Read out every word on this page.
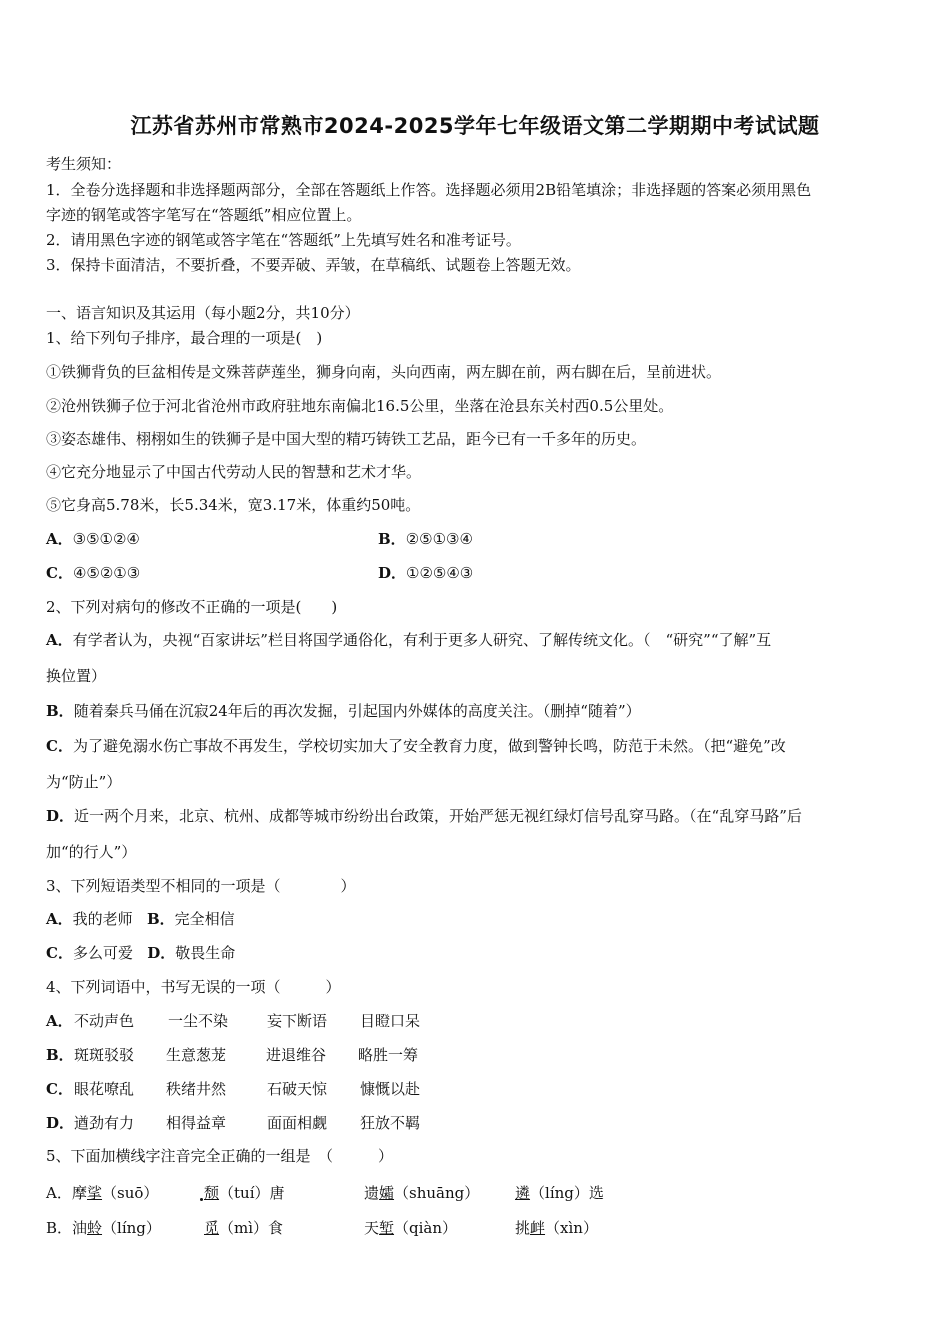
江苏省苏州市常熟市2024-2025学年七年级语文第二学期期中考试试题
考生须知：
1．全卷分选择题和非选择题两部分，全部在答题纸上作答。选择题必须用2B铅笔填涂；非选择题的答案必须用黑色
字迹的钢笔或答字笔写在“答题纸”相应位置上。
2．请用黑色字迹的钢笔或答字笔在“答题纸”上先填写姓名和准考证号。
3．保持卡面清洁，不要折叠，不要弄破、弄皱，在草稿纸、试题卷上答题无效。
一、语言知识及其运用（每小题2分，共10分）
1、给下列句子排序，最合理的一项是(　)
①铁狮背负的巨盆相传是文殊菩萨莲坐，狮身向南，头向西南，两左脚在前，两右脚在后，呈前进状。
②沧州铁狮子位于河北省沧州市政府驻地东南偏北16.5公里，坐落在沧县东关村西0.5公里处。
③姿态雄伟、栩栩如生的铁狮子是中国大型的精巧铸铁工艺品，距今已有一千多年的历史。
④它充分地显示了中国古代劳动人民的智慧和艺术才华。
⑤它身高5.78米，长5.34米，宽3.17米，体重约50吨。
A．③⑤①②④	B．②⑤①③④
C．④⑤②①③	D．①②⑤④③
2、下列对病句的修改不正确的一项是(　　)
A．有学者认为，央视“百家讲坛”栏目将国学通俗化，有利于更多人研究、了解传统文化。（　“研究”“了解”互
换位置）
B．随着秦兵马俑在沉寂24年后的再次发掘，引起国内外媒体的高度关注。（删掉“随着”）
C．为了避免溺水伤亡事故不再发生，学校切实加大了安全教育力度，做到警钟长鸣，防范于未然。（把“避免”改
为“防止”）
D．近一两个月来，北京、杭州、成都等城市纷纷出台政策，开始严惩无视红绿灯信号乱穿马路。（在“乱穿马路”后
加“的行人”）
3、下列短语类型不相同的一项是（　　　　）
A．我的老师 B．完全相信
C．多么可爱 D．敬畏生命
4、下列词语中，书写无误的一项（　　　）
A． 不动声色 一尘不染	妄下断语 目瞪口呆
B． 斑斑驳驳 生意葱茏	进退维谷 略胜一筹
C． 眼花嘹乱 秩绪井然	石破天惊 慷慨以赴
D． 遒劲有力 相得益章	面面相觑 狂放不羁
5、下面加横线字注音完全正确的一组是　（　　　）
A． 摩挲（suō）	颓（tuí）唐	遗孀（shuāng） 遴（líng）选
B． 油蛉（líng）	觅（mì）食	天堑（qiàn）	挑衅（xìn）
